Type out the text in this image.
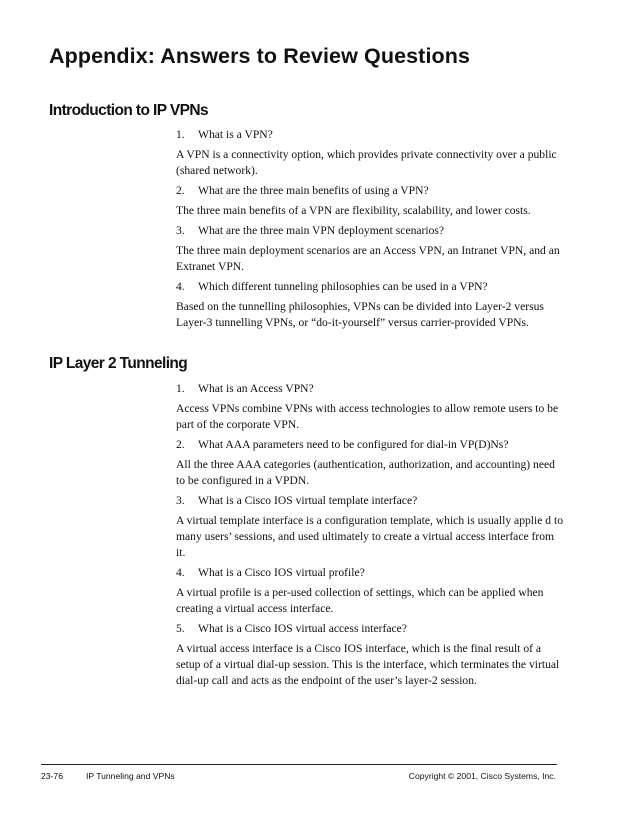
Appendix: Answers to Review Questions
Introduction to IP VPNs

1. What is a VPN?

A VPN is a connectivity option, which provides private connectivity over a public (shared network).

2. What are the three main benefits of using a VPN?

The three main benefits of a VPN are flexibility, scalability, and lower costs.

3. What are the three main VPN deployment scenarios?

The three main deployment scenarios are an Access VPN, an Intranet VPN, and an Extranet VPN.

4. Which different tunneling philosophies can be used in a VPN?

Based on the tunnelling philosophies, VPNs can be divided into Layer-2 versus Layer-3 tunnelling VPNs, or “do-it-yourself” versus carrier-provided VPNs.

IP Layer 2 Tunneling

1. What is an Access VPN?

Access VPNs combine VPNs with access technologies to allow remote users to be part of the corporate VPN.

2. What AAA parameters need to be configured for dial-in VP(D)Ns?

All the three AAA categories (authentication, authorization, and accounting) need to be configured in a VPDN.

3. What is a Cisco IOS virtual template interface?

A virtual template interface is a configuration template, which is usually applie d to many users’ sessions, and used ultimately to create a virtual access interface from it.

4. What is a Cisco IOS virtual profile?

A virtual profile is a per-used collection of settings, which can be applied when creating a virtual access interface.

5. What is a Cisco IOS virtual access interface?

A virtual access interface is a Cisco IOS interface, which is the final result of a setup of a virtual dial-up session. This is the interface, which terminates the virtual dial-up call and acts as the endpoint of the user’s layer-2 session.

23-76	IP Tunneling and VPNs	Copyright © 2001, Cisco Systems, Inc.
